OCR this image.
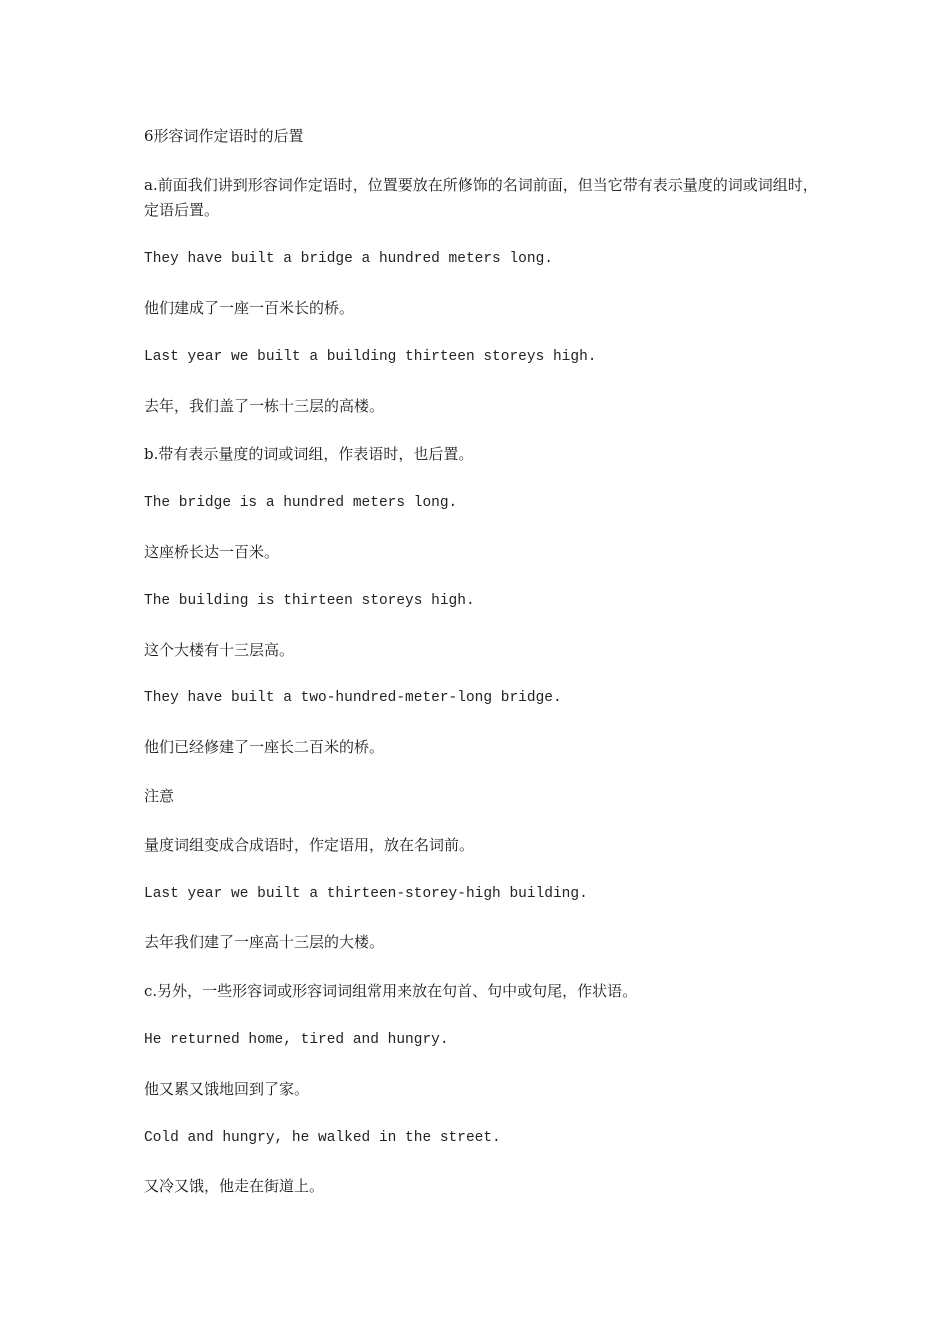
6形容词作定语时的后置

a.前面我们讲到形容词作定语时，位置要放在所修饰的名词前面，但当它带有表示量度的词或词组时，定语后置。

They have built a bridge a hundred meters long.

他们建成了一座一百米长的桥。

Last year we built a building thirteen storeys high.

去年，我们盖了一栋十三层的高楼。

b.带有表示量度的词或词组，作表语时，也后置。

The bridge is a hundred meters long.

这座桥长达一百米。

The building is thirteen storeys high.

这个大楼有十三层高。

They have built a two-hundred-meter-long bridge.

他们已经修建了一座长二百米的桥。

注意

量度词组变成合成语时，作定语用，放在名词前。

Last year we built a thirteen-storey-high building.

去年我们建了一座高十三层的大楼。

c.另外，一些形容词或形容词词组常用来放在句首、句中或句尾，作状语。

He returned home, tired and hungry.

他又累又饿地回到了家。

Cold and hungry, he walked in the street.

又冷又饿，他走在街道上。
